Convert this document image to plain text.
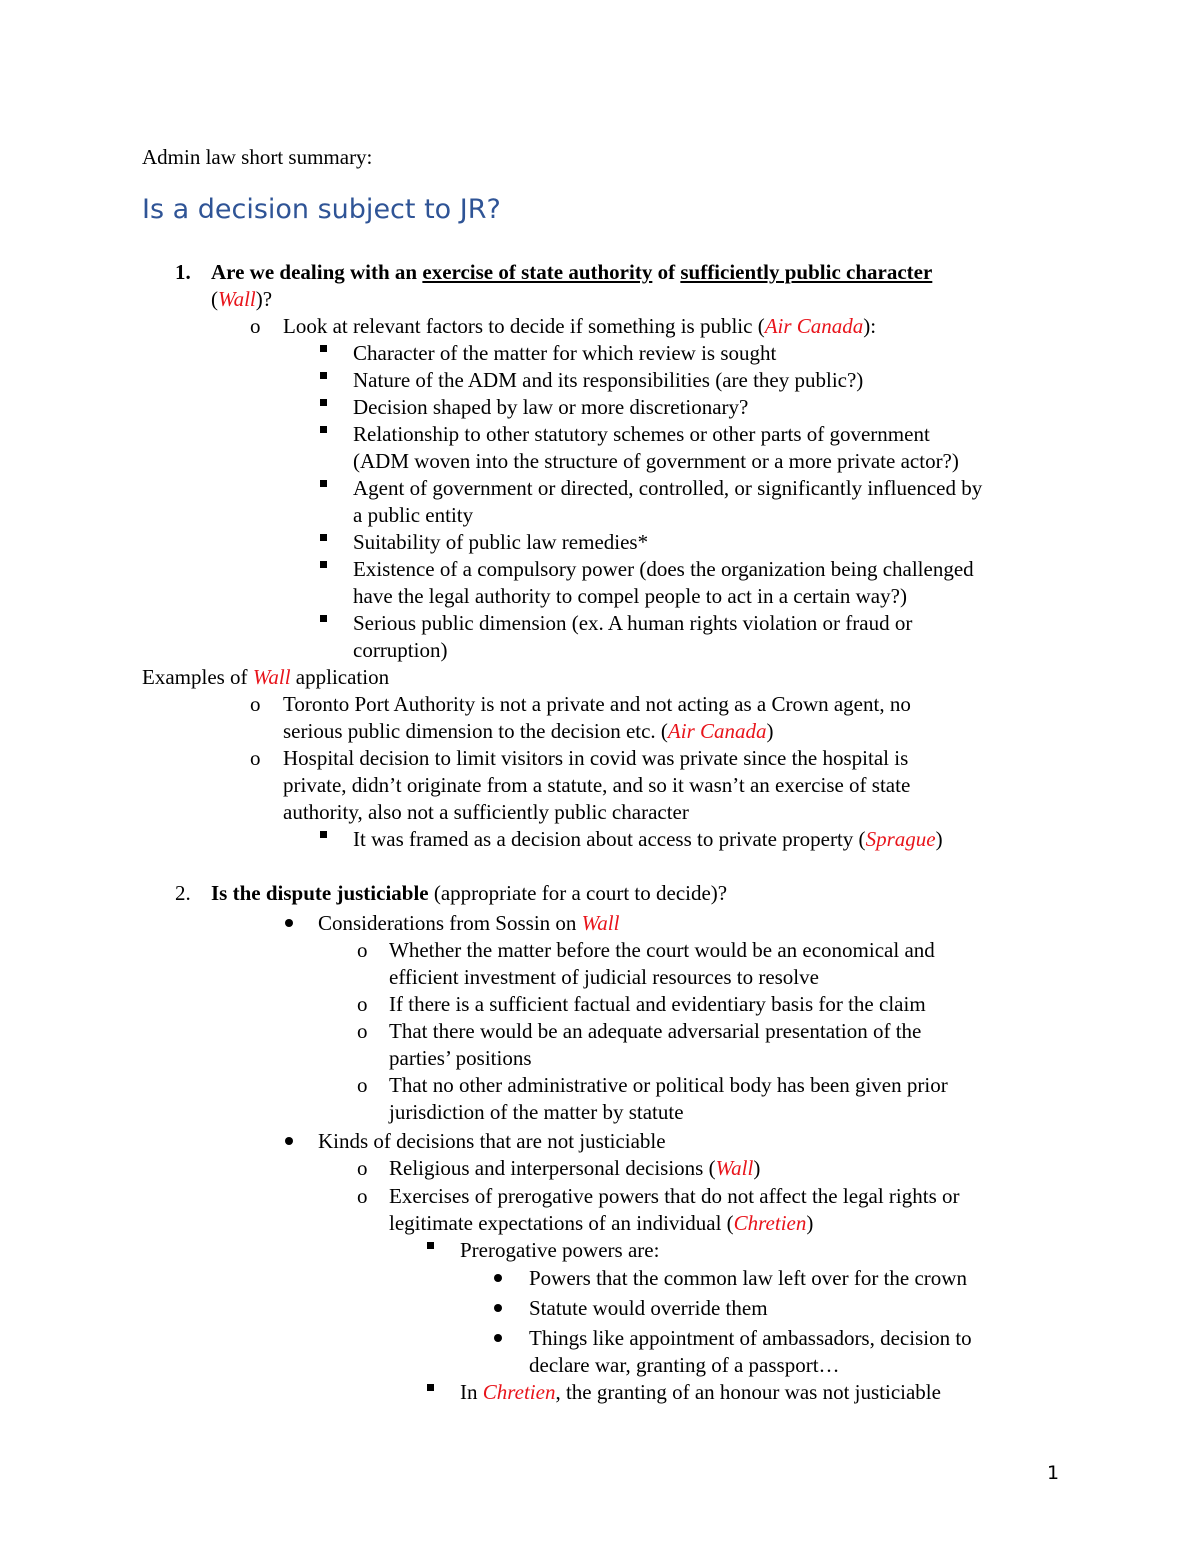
Admin law short summary:
Is a decision subject to JR?
1. Are we dealing with an exercise of state authority of sufficiently public character
(Wall)?
o Look at relevant factors to decide if something is public (Air Canada):
Character of the matter for which review is sought
Nature of the ADM and its responsibilities (are they public?)
Decision shaped by law or more discretionary?
Relationship to other statutory schemes or other parts of government
(ADM woven into the structure of government or a more private actor?)
Agent of government or directed, controlled, or significantly influenced by
a public entity
Suitability of public law remedies*
Existence of a compulsory power (does the organization being challenged
have the legal authority to compel people to act in a certain way?)
Serious public dimension (ex. A human rights violation or fraud or
corruption)
Examples of Wall application
o Toronto Port Authority is not a private and not acting as a Crown agent, no
serious public dimension to the decision etc. (Air Canada)
o Hospital decision to limit visitors in covid was private since the hospital is
private, didn’t originate from a statute, and so it wasn’t an exercise of state
authority, also not a sufficiently public character
It was framed as a decision about access to private property (Sprague)
2. Is the dispute justiciable (appropriate for a court to decide)?
Considerations from Sossin on Wall
o Whether the matter before the court would be an economical and
efficient investment of judicial resources to resolve
o If there is a sufficient factual and evidentiary basis for the claim
o That there would be an adequate adversarial presentation of the
parties’ positions
o That no other administrative or political body has been given prior
jurisdiction of the matter by statute
Kinds of decisions that are not justiciable
o Religious and interpersonal decisions (Wall)
o Exercises of prerogative powers that do not affect the legal rights or
legitimate expectations of an individual (Chretien)
Prerogative powers are:
Powers that the common law left over for the crown
Statute would override them
Things like appointment of ambassadors, decision to
declare war, granting of a passport…
In Chretien, the granting of an honour was not justiciable
1
